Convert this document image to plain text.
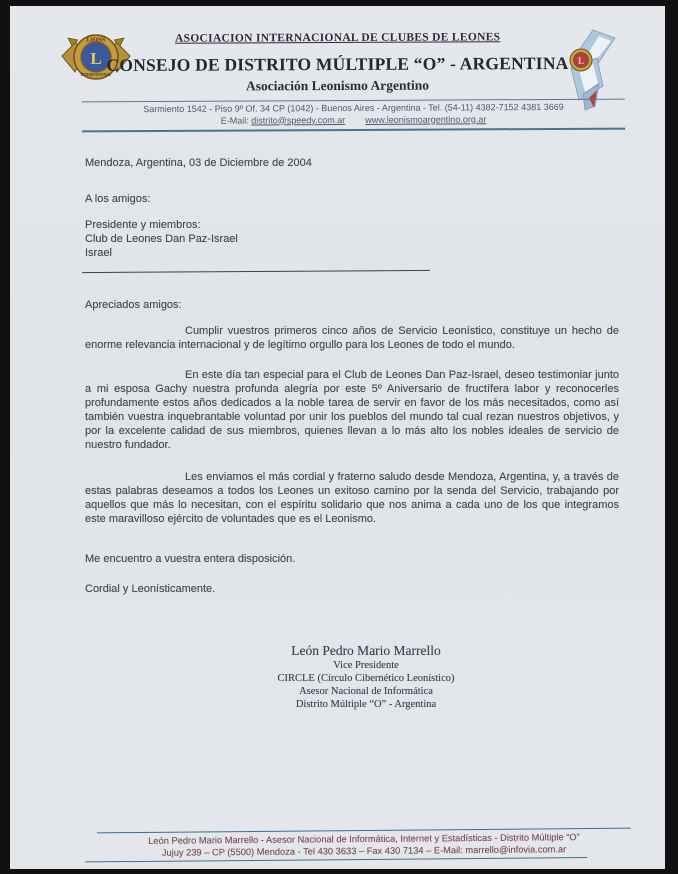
LIONS
INTERNATIONAL
L	L
ASOCIACION INTERNACIONAL DE CLUBES DE LEONES
CONSEJO DE DISTRITO MÚLTIPLE “O” - ARGENTINA
Asociación Leonismo Argentino
Sarmiento 1542 - Piso 9º Of. 34 CP (1042) - Buenos Aires - Argentina - Tel. (54-11) 4382-7152 4381 3669
E-Mail: distrito@speedy.com.ar www.leonismoargentino.org.ar
Mendoza, Argentina, 03 de Diciembre de 2004
A los amigos:
Presidente y miembros:
Club de Leones Dan Paz-Israel
Israel
Apreciados amigos:

Cumplir vuestros primeros cinco años de Servicio Leonístico, constituye un hecho de enorme relevancia internacional y de legítimo orgullo para los Leones de todo el mundo.

En este día tan especial para el Club de Leones Dan Paz-Israel, deseo testimoniar junto a mi esposa Gachy nuestra profunda alegría por este 5º Aniversario de fructífera labor y reconocerles profundamente estos años dedicados a la noble tarea de servir en favor de los más necesitados, como así también vuestra inquebrantable voluntad por unir los pueblos del mundo tal cual rezan nuestros objetivos, y por la excelente calidad de sus miembros, quienes llevan a lo más alto los nobles ideales de servicio de nuestro fundador.

Les enviamos el más cordial y fraterno saludo desde Mendoza, Argentina, y, a través de estas palabras deseamos a todos los Leones un exitoso camino por la senda del Servicio, trabajando por aquellos que más lo necesitan, con el espíritu solidario que nos anima a cada uno de los que integramos este maravilloso ejército de voluntades que es el Leonismo.

Me encuentro a vuestra entera disposición.
Cordial y Leonísticamente.
León Pedro Mario Marrello
Vice Presidente
CIRCLE (Círculo Cibernético Leonístico)
Asesor Nacional de Informática
Distrito Múltiple “O” - Argentina
León Pedro Mario Marrello - Asesor Nacional de Informática, Internet y Estadísticas - Distrito Múltiple “O”
Jujuy 239 – CP (5500) Mendoza - Tel 430 3633 – Fax 430 7134 – E-Mail: marrello@infovia.com.ar
